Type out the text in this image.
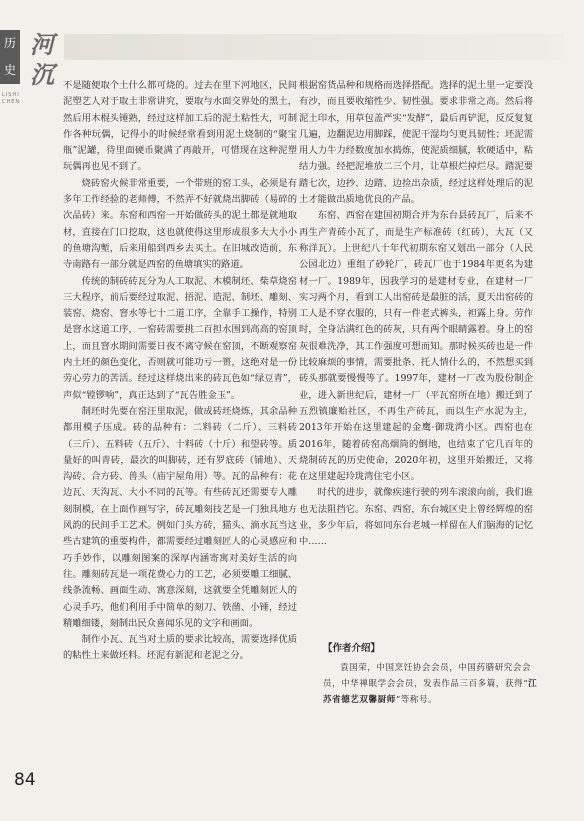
历
史
河
沉
LISHI
CHEN

不是随便取个土什么都可烧的。过去在里下河地区，民间泥塑艺人对于取土非常讲究，要取与水面交界处的黑土，然后用木棍头锤熟，经过这样加工后的泥土粘性大，可制作各种玩偶，记得小的时候经常看到用泥土烧制的“聚宝瓶”泥罐，待里面硬币聚满了再敲开，可惜现在这种泥塑玩偶再也见不到了。

烧砖窑火候非常重要，一个带班的窑工头，必须是有多年工作经验的老师傅，不然弄不好就烧出脚砖（易碎的次品砖）来。东窑和西窑一开始做砖头的泥土都是就地取材，直接在门口挖取，这也就使得这里形成很多大大小小的鱼塘沟塹，后来用船到西乡去买土。在旧城改造前，东寺南路有一部分就是西窑的鱼塘填实的路道。

传统的制砖砖瓦分为人工取泥、木模制坯、柴草烧窑三大程序，前后要经过取泥、捂泥、造泥、制坯、雕刻、装窑、烧窑、窨水等七十二道工序，全靠手工操作，特别是窨水这道工序，一窑砖需要挑二百担水围到高高的窑顶上，而且窨水期间需要日夜不离守候在窑顶，不断观察窑内土坯的颜色变化，否则就可能功亏一篑，这绝对是一份劳心劳力的苦活。经过这样烧出来的砖瓦色如“绿豆青”，声似“镗锣响”，真正达到了“瓦告胜金玉”。

制坯时先要在窑汪里取泥，做成砖坯烧炼，其余品种都用模子压成。砖的品种有：二料砖（二斤）、三料砖（三斤）、五料砖（五斤）、十料砖（十斤）和望砖等。质量好的叫青砖，最次的叫脚砖，还有罗底砖（铺地）、天沟砖、合方砖、兽头（庙宇屋角用）等。瓦的品种有：花边瓦、天沟瓦、大小不同的瓦等。有些砖瓦还需要专人雕刻制模，在上面作画写字，砖瓦雕刻技艺是一门独具地方风韵的民间手工艺术。例如门头方砖，猫头、滴水瓦当这些古建筑的重要构件，都需要经过雕刻匠人的心灵感应和巧手妙作，以雕刻图案的深厚内涵寄寓对美好生活的向往。雕刻砖瓦是一项花费心力的工艺，必须要雕工细腻、线条流畅、画面生动、寓意深刻，这就要全凭雕刻匠人的心灵手巧，他们利用手中简单的刻刀、铁凿、小锤，经过精雕细镂，刻制出民众喜闻乐见的文字和画面。

制作小瓦、瓦当对土质的要求比较高，需要选择优质的粘性土来做坯料。坯泥有新泥和老泥之分。

根据窑货品种和规格而选择搭配。选择的泥土里一定要没有沙，而且要收缩性少、韧性强。要求非常之高。然后将泥土印水，用草包盖严实“发酵”，最后再铲泥，反反复复几遍，边翻泥边用脚踩，使泥干湿均匀更具韧性；坯泥需用人力牛力经数度加水捣炼，使泥质细腻，软硬适中，粘结力强。经把泥堆放二三个月，让草根烂掉烂尽。踏泥要踏七次，边抄、边踏、边捡出杂质，经过这样处理后的泥土才能做出质地优良的产品。

东窑、西窑在建国初期合并为东台县砖瓦厂，后来不再生产青砖小瓦了，而是生产标准砖（红砖），大瓦（又称洋瓦）。上世纪八十年代初期东窑又划出一部分（人民公园北边）重组了砂轮厂，砖瓦厂也于1984年更名为建材一厂。1989年，因我学习的是建材专业，在建材一厂实习两个月，看到工人出窑砖是最脏的活，夏天出窑砖的工人是不穿衣服的，只有一件老式裤头，袒露上身。劳作时，全身沾满红色的砖灰，只有两个眼睛露着。身上的窑灰很难洗净，其工作强度可想而知。那时候买砖也是一件比较麻烦的事情，需要批条、托人情什么的，不然想买到砖头那就要慢慢等了。1997年，建材一厂改为股份制企业，进入新世纪后，建材一厂（平瓦窑所在地）搬迁到了五烈镇廉贻社区，不再生产砖瓦，而以生产水泥为主，2013年开始在这里建起的金鹰·御珑湾小区。西窑也在2016年，随着砖窑高烟筒的倒地，也结束了它几百年的烧制砖瓦的历史使命，2020年初，这里开始搬迁，又将在这里建起玲珑湾住宅小区。

时代的进步，就像疾速行驶的列车滚滚向前，我们谁也无法阻挡它。东窑、西窑，东台城区史上曾经辉煌的窑业，多少年后，将如同东台老城一样留在人们脑海的记忆中……

【作者介绍】
袁国荣，中国烹饪协会会员，中国药膳研究会会员，中华禅眠学会会员，发表作品三百多篇，获得“江苏省德艺双馨厨师”等称号。
84
